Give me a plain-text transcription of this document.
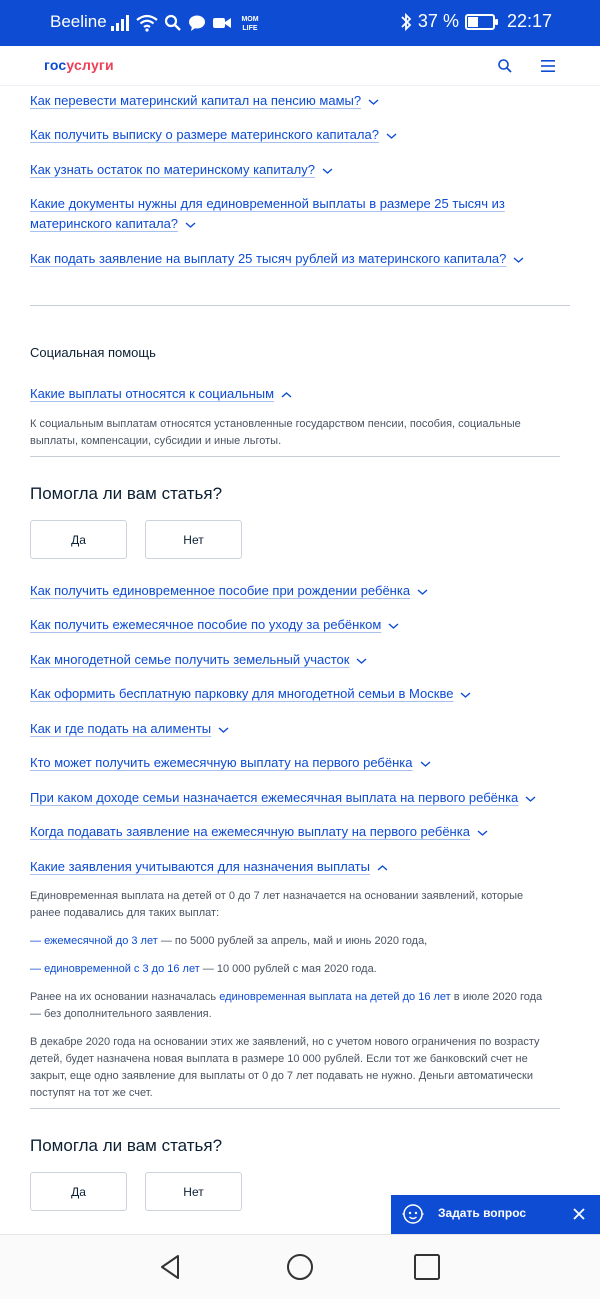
Beeline	MOM
LIFE	37 %	22:17
госуслуги
Как перевести материнский капитал на пенсию мамы?
Как получить выписку о размере материнского капитала?
Как узнать остаток по материнскому капиталу?
Какие документы нужны для единовременной выплаты в размере 25 тысяч из
материнского капитала?
Как подать заявление на выплату 25 тысяч рублей из материнского капитала?
Социальная помощь
Какие выплаты относятся к социальным
К социальным выплатам относятся установленные государством пенсии, пособия, социальные выплаты, компенсации, субсидии и иные льготы.
Помогла ли вам статья?
Да	Нет
Как получить единовременное пособие при рождении ребёнка
Как получить ежемесячное пособие по уходу за ребёнком
Как многодетной семье получить земельный участок
Как оформить бесплатную парковку для многодетной семьи в Москве
Как и где подать на алименты
Кто может получить ежемесячную выплату на первого ребёнка
При каком доходе семьи назначается ежемесячная выплата на первого ребёнка
Когда подавать заявление на ежемесячную выплату на первого ребёнка
Какие заявления учитываются для назначения выплаты
Единовременная выплата на детей от 0 до 7 лет назначается на основании заявлений, которые ранее подавались для таких выплат:
— ежемесячной до 3 лет — по 5000 рублей за апрель, май и июнь 2020 года,
— единовременной с 3 до 16 лет — 10 000 рублей с мая 2020 года.
Ранее на их основании назначалась единовременная выплата на детей до 16 лет в июле 2020 года — без дополнительного заявления.
В декабре 2020 года на основании этих же заявлений, но с учетом нового ограничения по возрасту детей, будет назначена новая выплата в размере 10 000 рублей. Если тот же банковский счет не закрыт, еще одно заявление для выплаты от 0 до 7 лет подавать не нужно. Деньги автоматически поступят на тот же счет.
Помогла ли вам статья?
Да	Нет
Задать вопрос
